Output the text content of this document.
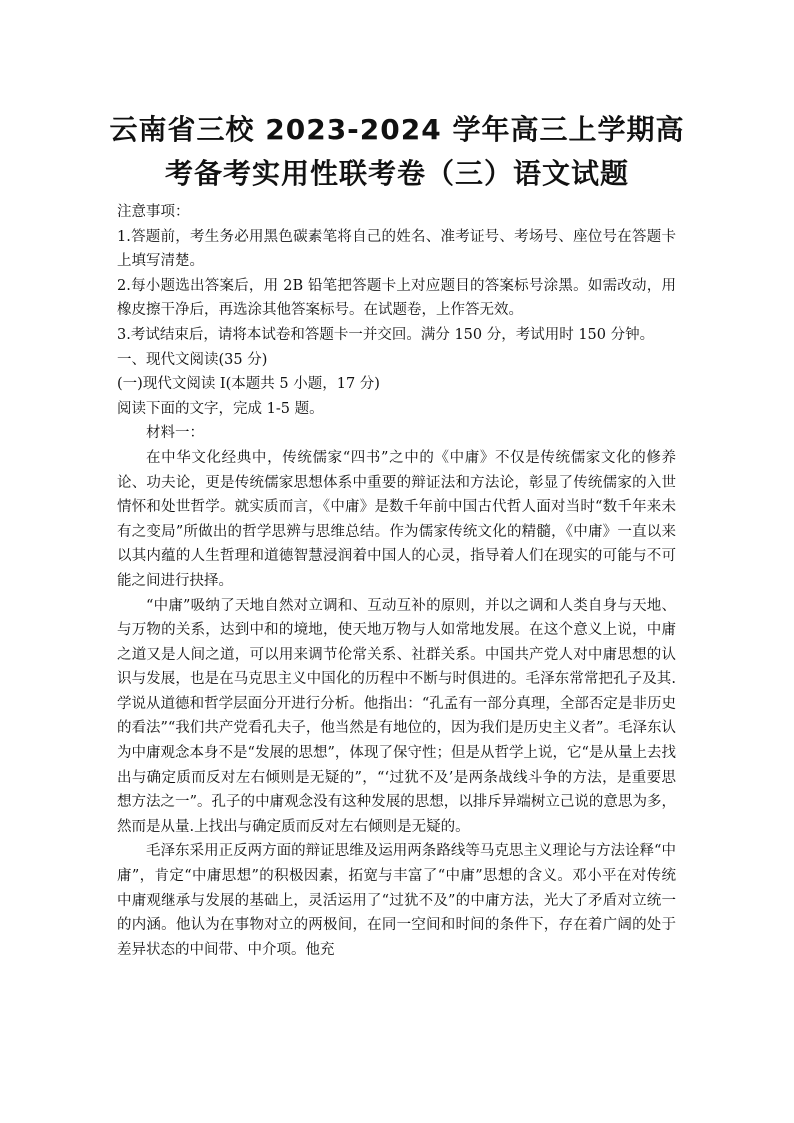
云南省三校 2023-2024 学年高三上学期高
考备考实用性联考卷（三）语文试题

注意事项：

1.答题前，考生务必用黑色碳素笔将自己的姓名、准考证号、考场号、座位号在答题卡上填写清楚。

2.每小题选出答案后，用 2B 铅笔把答题卡上对应题目的答案标号涂黑。如需改动，用橡皮擦干净后，再选涂其他答案标号。在试题卷，上作答无效。

3.考试结束后，请将本试卷和答题卡一并交回。满分 150 分，考试用时 150 分钟。

一、现代文阅读(35 分)

(一)现代文阅读 I(本题共 5 小题，17 分)

阅读下面的文字，完成 1-5 题。

材料一：

在中华文化经典中，传统儒家“四书”之中的《中庸》不仅是传统儒家文化的修养论、功夫论，更是传统儒家思想体系中重要的辩证法和方法论，彰显了传统儒家的入世情怀和处世哲学。就实质而言，《中庸》是数千年前中国古代哲人面对当时“数千年来未有之变局”所做出的哲学思辨与思维总结。作为儒家传统文化的精髓，《中庸》一直以来以其内蕴的人生哲理和道德智慧浸润着中国人的心灵，指导着人们在现实的可能与不可能之间进行抉择。

“中庸”吸纳了天地自然对立调和、互动互补的原则，并以之调和人类自身与天地、与万物的关系，达到中和的境地，使天地万物与人如常地发展。在这个意义上说，中庸之道又是人间之道，可以用来调节伦常关系、社群关系。中国共产党人对中庸思想的认识与发展，也是在马克思主义中国化的历程中不断与时俱进的。毛泽东常常把孔子及其.学说从道德和哲学层面分开进行分析。他指出：“孔孟有一部分真理，全部否定是非历史的看法”“我们共产党看孔夫子，他当然是有地位的，因为我们是历史主义者”。毛泽东认为中庸观念本身不是“发展的思想”，体现了保守性；但是从哲学上说，它“是从量上去找出与确定质而反对左右倾则是无疑的”，“‘过犹不及’是两条战线斗争的方法，是重要思想方法之一”。孔子的中庸观念没有这种发展的思想，以排斥异端树立己说的意思为多，然而是从量.上找出与确定质而反对左右倾则是无疑的。

毛泽东采用正反两方面的辩证思维及运用两条路线等马克思主义理论与方法诠释“中庸”，肯定“中庸思想”的积极因素，拓宽与丰富了“中庸”思想的含义。邓小平在对传统中庸观继承与发展的基础上，灵活运用了“过犹不及”的中庸方法，光大了矛盾对立统一的内涵。他认为在事物对立的两极间，在同一空间和时间的条件下，存在着广阔的处于差异状态的中间带、中介项。他充
